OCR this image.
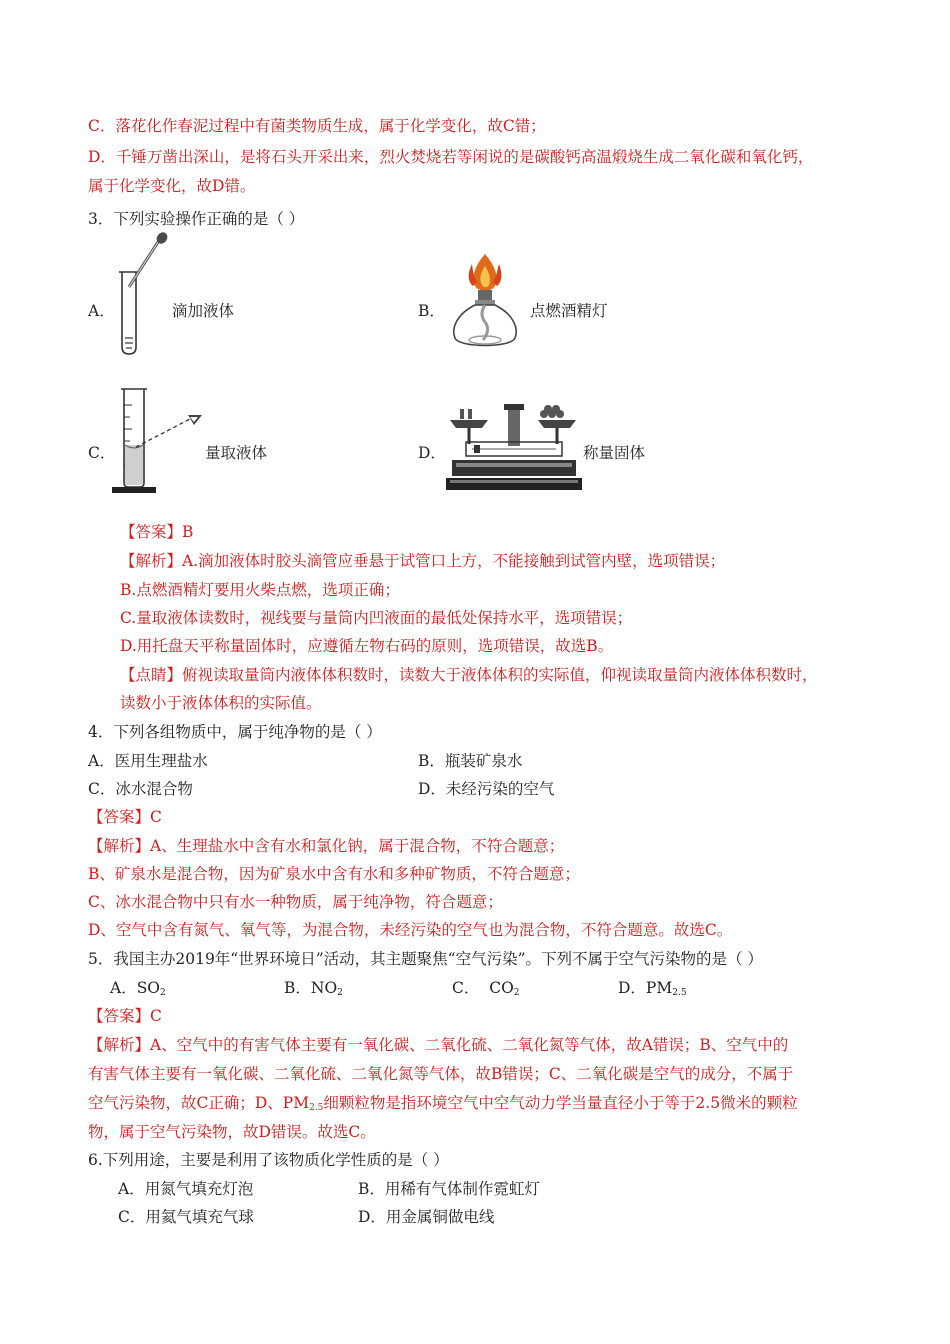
C．落花化作春泥过程中有菌类物质生成，属于化学变化，故C错；
D．千锤万凿出深山，是将石头开采出来，烈火焚烧若等闲说的是碳酸钙高温煅烧生成二氧化碳和氧化钙，
属于化学变化，故D错。
3．下列实验操作正确的是（ ）
A．	滴加液体	B．	点燃酒精灯
C．	量取液体	D．	称量固体
【答案】B
【解析】A.滴加液体时胶头滴管应垂悬于试管口上方，不能接触到试管内壁，选项错误；
B.点燃酒精灯要用火柴点燃，选项正确；
C.量取液体读数时，视线要与量筒内凹液面的最低处保持水平，选项错误；
D.用托盘天平称量固体时，应遵循左物右码的原则，选项错误，故选B。
【点睛】俯视读取量筒内液体体积数时，读数大于液体体积的实际值，仰视读取量筒内液体体积数时，
读数小于液体体积的实际值。
4．下列各组物质中，属于纯净物的是（ ）
A．医用生理盐水	B．瓶装矿泉水
C．冰水混合物	D．未经污染的空气
【答案】C
【解析】A、生理盐水中含有水和氯化钠，属于混合物，不符合题意；
B、矿泉水是混合物，因为矿泉水中含有水和多种矿物质，不符合题意；
C、冰水混合物中只有水一种物质，属于纯净物，符合题意；
D、空气中含有氮气、氧气等，为混合物，未经污染的空气也为混合物，不符合题意。故选C。
5．我国主办2019年“世界环境日”活动，其主题聚焦“空气污染”。下列不属于空气污染物的是（ ）
A．$SO_2$	B．$NO_2$	C．  $CO_2$	D．$PM_{2.5}$
【答案】C
【解析】A、空气中的有害气体主要有一氧化碳、二氧化硫、二氧化氮等气体，故A错误；B、空气中的
有害气体主要有一氧化碳、二氧化硫、二氧化氮等气体，故B错误；C、二氧化碳是空气的成分，不属于
空气污染物，故C正确；D、$PM_{2.5}$细颗粒物是指环境空气中空气动力学当量直径小于等于2.5微米的颗粒
物，属于空气污染物，故D错误。故选C。
6.下列用途，主要是利用了该物质化学性质的是（ ）
A．用氮气填充灯泡	B．用稀有气体制作霓虹灯
C．用氦气填充气球	D．用金属铜做电线
